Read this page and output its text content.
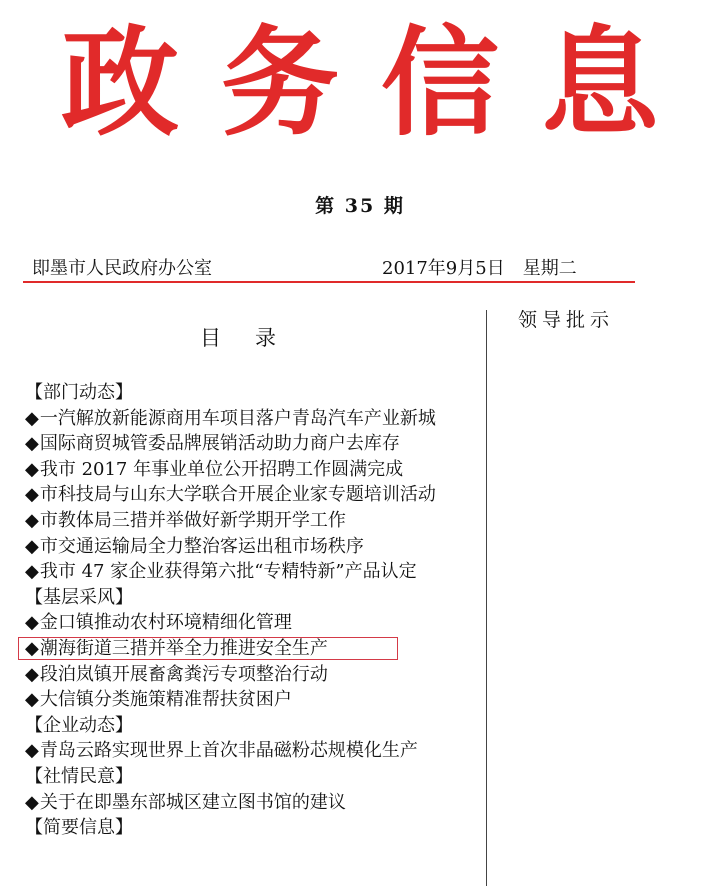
政 务 信 息
第 35 期
即墨市人民政府办公室	2017年9月5日　星期二
领导批示
目录
【部门动态】
◆一汽解放新能源商用车项目落户青岛汽车产业新城
◆国际商贸城管委品牌展销活动助力商户去库存
◆我市 2017 年事业单位公开招聘工作圆满完成
◆市科技局与山东大学联合开展企业家专题培训活动
◆市教体局三措并举做好新学期开学工作
◆市交通运输局全力整治客运出租市场秩序
◆我市 47 家企业获得第六批“专精特新”产品认定
【基层采风】
◆金口镇推动农村环境精细化管理
◆潮海街道三措并举全力推进安全生产
◆段泊岚镇开展畜禽粪污专项整治行动
◆大信镇分类施策精准帮扶贫困户
【企业动态】
◆青岛云路实现世界上首次非晶磁粉芯规模化生产
【社情民意】
◆关于在即墨东部城区建立图书馆的建议
【简要信息】
